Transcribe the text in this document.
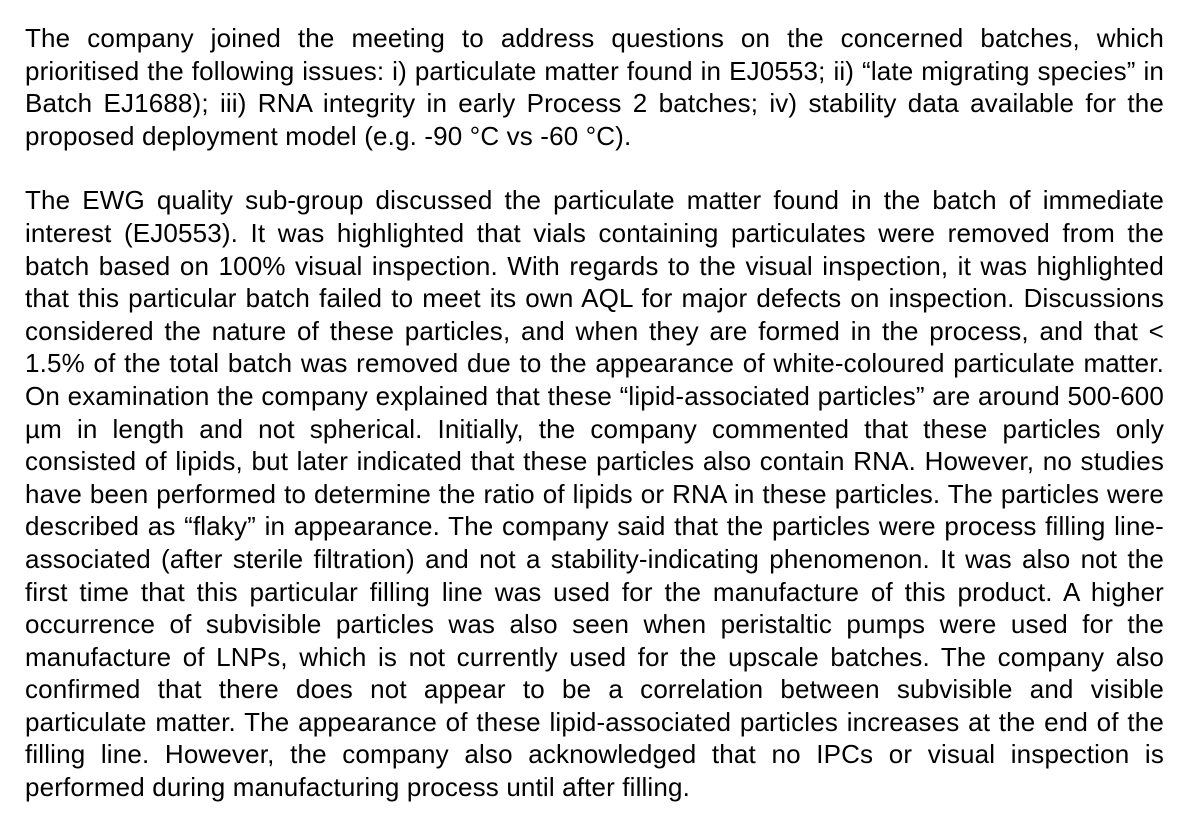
The company joined the meeting to address questions on the concerned batches, which prioritised the following issues: i) particulate matter found in EJ0553; ii) “late migrating species” in Batch EJ1688); iii) RNA integrity in early Process 2 batches; iv) stability data available for the proposed deployment model (e.g. -90 °C vs -60 °C).

The EWG quality sub-group discussed the particulate matter found in the batch of immediate interest (EJ0553). It was highlighted that vials containing particulates were removed from the batch based on 100% visual inspection. With regards to the visual inspection, it was highlighted that this particular batch failed to meet its own AQL for major defects on inspection. Discussions considered the nature of these particles, and when they are formed in the process, and that < 1.5% of the total batch was removed due to the appearance of white-coloured particulate matter. On examination the company explained that these “lipid-associated particles” are around 500-600 µm in length and not spherical. Initially, the company commented that these particles only consisted of lipids, but later indicated that these particles also contain RNA. However, no studies have been performed to determine the ratio of lipids or RNA in these particles. The particles were described as “flaky” in appearance. The company said that the particles were process filling line-associated (after sterile filtration) and not a stability-indicating phenomenon. It was also not the first time that this particular filling line was used for the manufacture of this product. A higher occurrence of subvisible particles was also seen when peristaltic pumps were used for the manufacture of LNPs, which is not currently used for the upscale batches. The company also confirmed that there does not appear to be a correlation between subvisible and visible particulate matter. The appearance of these lipid-associated particles increases at the end of the filling line. However, the company also acknowledged that no IPCs or visual inspection is performed during manufacturing process until after filling.
